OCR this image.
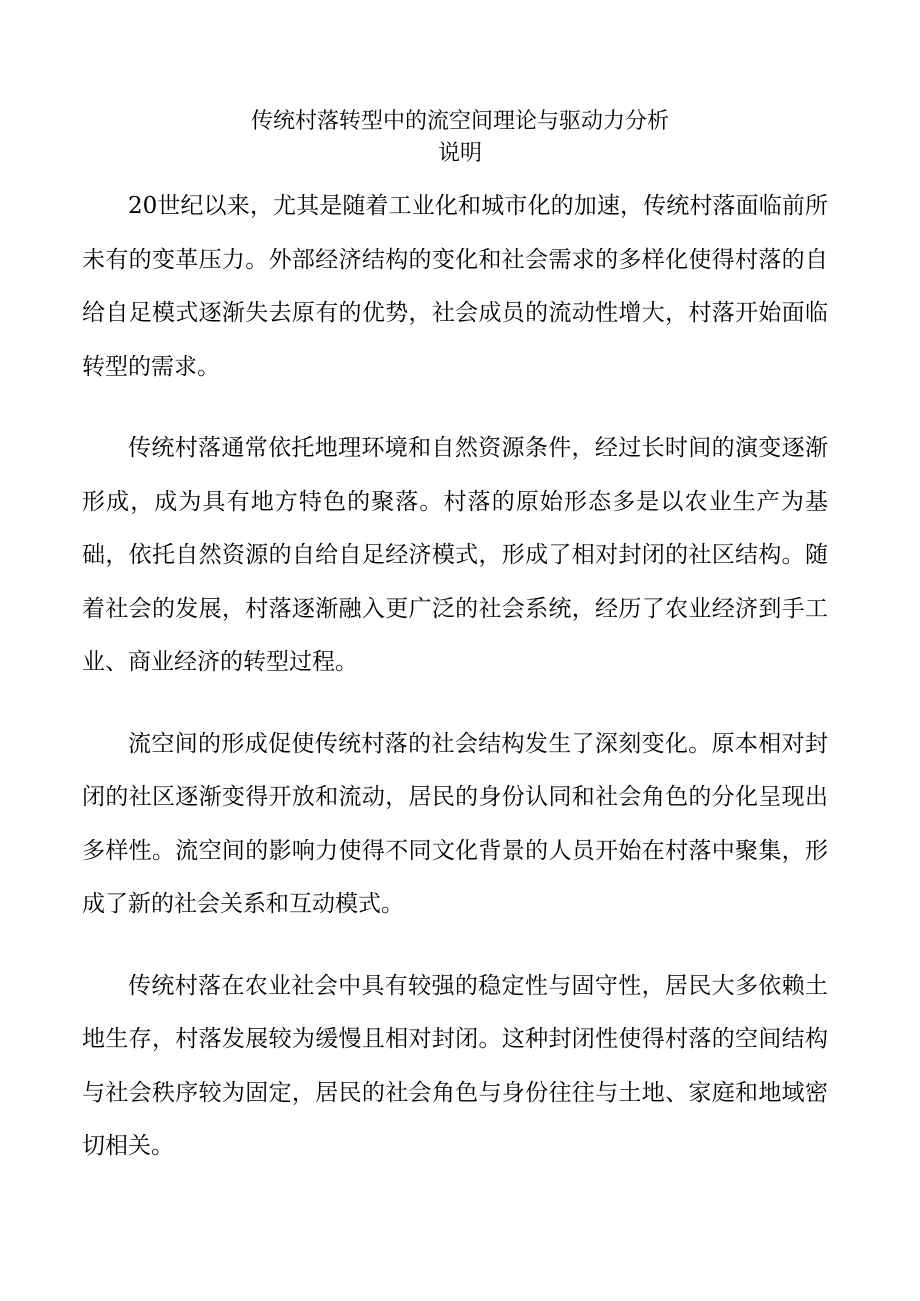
传统村落转型中的流空间理论与驱动力分析
说明

20世纪以来，尤其是随着工业化和城市化的加速，传统村落面临前所未有的变革压力。外部经济结构的变化和社会需求的多样化使得村落的自给自足模式逐渐失去原有的优势，社会成员的流动性增大，村落开始面临转型的需求。

传统村落通常依托地理环境和自然资源条件，经过长时间的演变逐渐形成，成为具有地方特色的聚落。村落的原始形态多是以农业生产为基础，依托自然资源的自给自足经济模式，形成了相对封闭的社区结构。随着社会的发展，村落逐渐融入更广泛的社会系统，经历了农业经济到手工业、商业经济的转型过程。

流空间的形成促使传统村落的社会结构发生了深刻变化。原本相对封闭的社区逐渐变得开放和流动，居民的身份认同和社会角色的分化呈现出多样性。流空间的影响力使得不同文化背景的人员开始在村落中聚集，形成了新的社会关系和互动模式。

传统村落在农业社会中具有较强的稳定性与固守性，居民大多依赖土地生存，村落发展较为缓慢且相对封闭。这种封闭性使得村落的空间结构与社会秩序较为固定，居民的社会角色与身份往往与土地、家庭和地域密切相关。
